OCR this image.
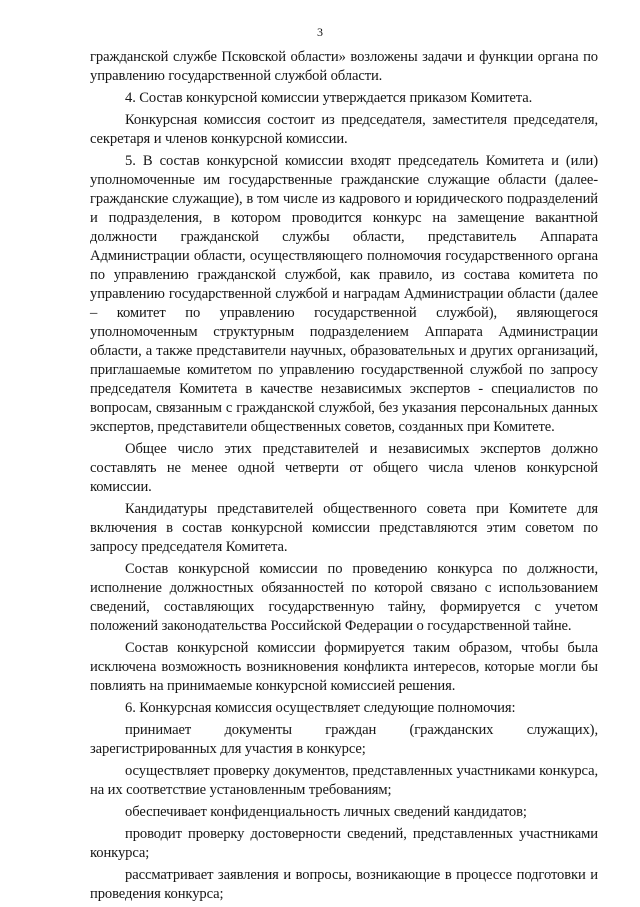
3

гражданской службе Псковской области» возложены задачи и функции органа по управлению государственной службой области.

4. Состав конкурсной комиссии утверждается приказом Комитета.

Конкурсная комиссия состоит из председателя, заместителя председателя, секретаря и членов конкурсной комиссии.

5. В состав конкурсной комиссии входят председатель Комитета и (или) уполномоченные им государственные гражданские служащие области (далее- гражданские служащие), в том числе из кадрового и юридического подразделений и подразделения, в котором проводится конкурс на замещение вакантной должности гражданской службы области, представитель Аппарата Администрации области, осуществляющего полномочия государственного органа по управлению гражданской службой, как правило, из состава комитета по управлению государственной службой и наградам Администрации области (далее – комитет по управлению государственной службой), являющегося уполномоченным структурным подразделением Аппарата Администрации области, а также представители научных, образовательных и других организаций, приглашаемые комитетом по управлению государственной службой по запросу председателя Комитета в качестве независимых экспертов - специалистов по вопросам, связанным с гражданской службой, без указания персональных данных экспертов, представители общественных советов, созданных при Комитете.

Общее число этих представителей и независимых экспертов должно составлять не менее одной четверти от общего числа членов конкурсной комиссии.

Кандидатуры представителей общественного совета при Комитете для включения в состав конкурсной комиссии представляются этим советом по запросу председателя Комитета.

Состав конкурсной комиссии по проведению конкурса по должности, исполнение должностных обязанностей по которой связано с использованием сведений, составляющих государственную тайну, формируется с учетом положений законодательства Российской Федерации о государственной тайне.

Состав конкурсной комиссии формируется таким образом, чтобы была исключена возможность возникновения конфликта интересов, которые могли бы повлиять на принимаемые конкурсной комиссией решения.

6. Конкурсная комиссия осуществляет следующие полномочия:

принимает документы граждан (гражданских служащих), зарегистрированных для участия в конкурсе;

осуществляет проверку документов, представленных участниками конкурса, на их соответствие установленным требованиям;

обеспечивает конфиденциальность личных сведений кандидатов;

проводит проверку достоверности сведений, представленных участниками конкурса;

рассматривает заявления и вопросы, возникающие в процессе подготовки и проведения конкурса;
